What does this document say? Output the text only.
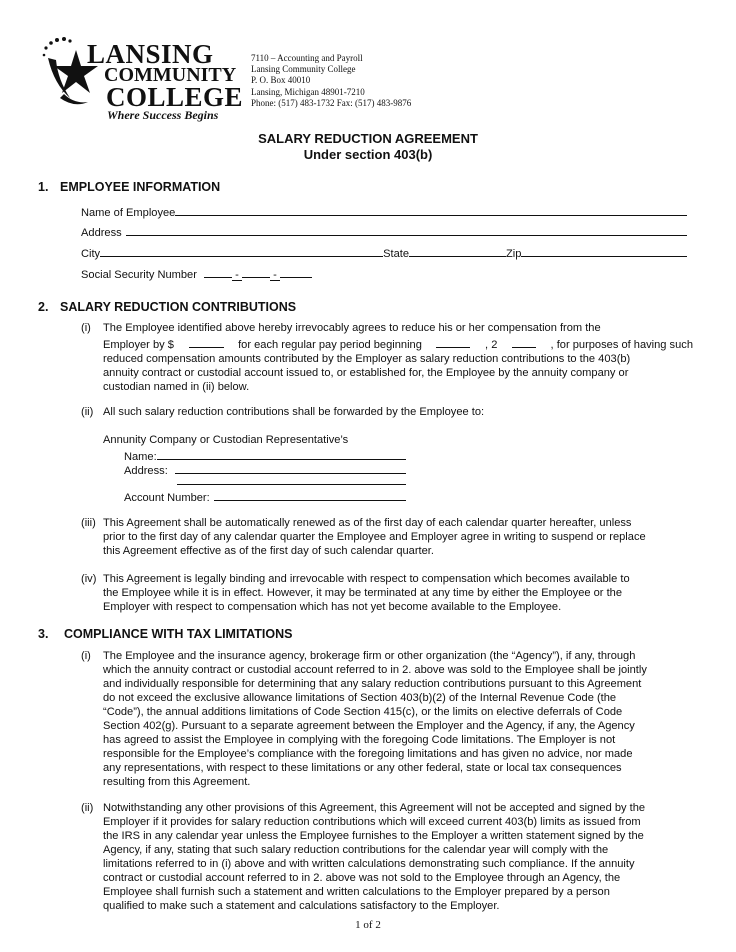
LANSING
COMMUNITY
COLLEGE
Where Success Begins
7110 – Accounting and Payroll
Lansing Community College
P. O. Box 40010
Lansing, Michigan 48901-7210
Phone: (517) 483-1732 Fax: (517) 483-9876
SALARY REDUCTION AGREEMENT
Under section 403(b)
1. EMPLOYEE INFORMATION
Name of Employee
Address
City	State	Zip
Social Security Number	-	-
2. SALARY REDUCTION CONTRIBUTIONS
(i) The Employee identified above hereby irrevocably agrees to reduce his or her compensation from the
Employer by $	for each regular pay period beginning	, 2	, for purposes of having such
reduced compensation amounts contributed by the Employer as salary reduction contributions to the 403(b)
annuity contract or custodial account issued to, or established for, the Employee by the annuity company or
custodian named in (ii) below.
(ii) All such salary reduction contributions shall be forwarded by the Employee to:
Annunity Company or Custodian Representative’s
Name:
Address:
Account Number:
(iii) This Agreement shall be automatically renewed as of the first day of each calendar quarter hereafter, unless
prior to the first day of any calendar quarter the Employee and Employer agree in writing to suspend or replace
this Agreement effective as of the first day of such calendar quarter.
(iv) This Agreement is legally binding and irrevocable with respect to compensation which becomes available to
the Employee while it is in effect. However, it may be terminated at any time by either the Employee or the
Employer with respect to compensation which has not yet become available to the Employee.
3. COMPLIANCE WITH TAX LIMITATIONS
(i) The Employee and the insurance agency, brokerage firm or other organization (the “Agency”), if any, through
which the annuity contract or custodial account referred to in 2. above was sold to the Employee shall be jointly
and individually responsible for determining that any salary reduction contributions pursuant to this Agreement
do not exceed the exclusive allowance limitations of Section 403(b)(2) of the Internal Revenue Code (the
“Code”), the annual additions limitations of Code Section 415(c), or the limits on elective deferrals of Code
Section 402(g). Pursuant to a separate agreement between the Employer and the Agency, if any, the Agency
has agreed to assist the Employee in complying with the foregoing Code limitations. The Employer is not
responsible for the Employee’s compliance with the foregoing limitations and has given no advice, nor made
any representations, with respect to these limitations or any other federal, state or local tax consequences
resulting from this Agreement.
(ii) Notwithstanding any other provisions of this Agreement, this Agreement will not be accepted and signed by the
Employer if it provides for salary reduction contributions which will exceed current 403(b) limits as issued from
the IRS in any calendar year unless the Employee furnishes to the Employer a written statement signed by the
Agency, if any, stating that such salary reduction contributions for the calendar year will comply with the
limitations referred to in (i) above and with written calculations demonstrating such compliance. If the annuity
contract or custodial account referred to in 2. above was not sold to the Employee through an Agency, the
Employee shall furnish such a statement and written calculations to the Employer prepared by a person
qualified to make such a statement and calculations satisfactory to the Employer.
1 of 2
